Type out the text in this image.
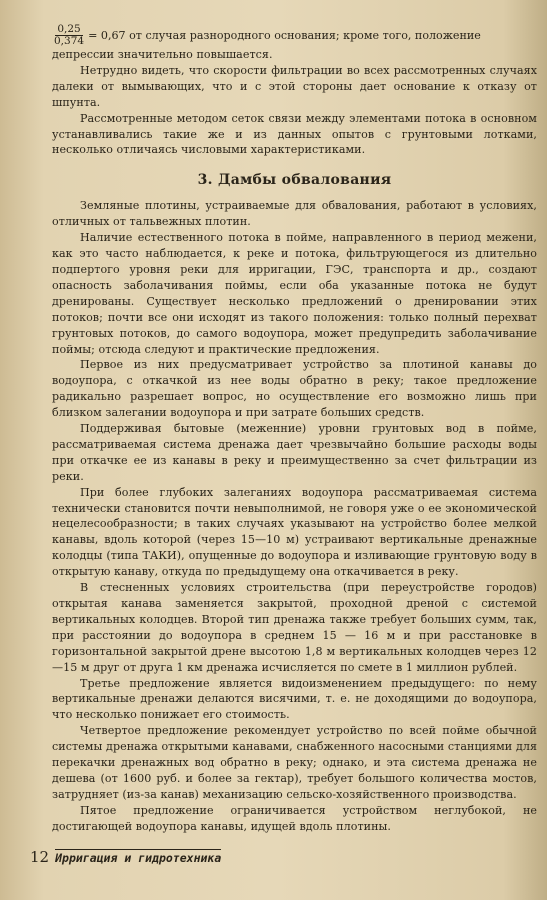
$\frac{0,25}{0,374} = 0,67$ от случая разнородного основания; кроме того, положение

депрессии значительно повышается.

Нетрудно видеть, что скорости фильтрации во всех рассмотренных случаях далеки от вымывающих, что и с этой стороны дает основание к отказу от шпунта.

Рассмотренные методом сеток связи между элементами потока в основном устанавливались такие же и из данных опытов с грунтовыми лотками, несколько отличаясь числовыми характеристиками.

3. Дамбы обвалования

Земляные плотины, устраиваемые для обвалования, работают в условиях, отличных от тальвежных плотин.

Наличие естественного потока в пойме, направленного в период межени, как это часто наблюдается, к реке и потока, фильтрующегося из длительно подпертого уровня реки для ирригации, ГЭС, транспорта и др., создают опасность заболачивания поймы, если оба указанные потока не будут дренированы. Существует несколько предложений о дренировании этих потоков; почти все они исходят из такого положения: только полный перехват грунтовых потоков, до самого водоупора, может предупредить заболачивание поймы; отсюда следуют и практические предложения.

Первое из них предусматривает устройство за плотиной канавы до водоупора, с откачкой из нее воды обратно в реку; такое предложение радикально разрешает вопрос, но осуществление его возможно лишь при близком залегании водоупора и при затрате больших средств.

Поддерживая бытовые (меженние) уровни грунтовых вод в пойме, рассматриваемая система дренажа дает чрезвычайно большие расходы воды при откачке ее из канавы в реку и преимущественно за счет фильтрации из реки.

При более глубоких залеганиях водоупора рассматриваемая система технически становится почти невыполнимой, не говоря уже о ее экономической нецелесообразности; в таких случаях указывают на устройство более мелкой канавы, вдоль которой (через 15—10 м) устраивают вертикальные дренажные колодцы (типа ТАКИ), опущенные до водоупора и изливающие грунтовую воду в открытую канаву, откуда по предыдущему она откачивается в реку.

В стесненных условиях строительства (при переустройстве городов) открытая канава заменяется закрытой, проходной дреной с системой вертикальных колодцев. Второй тип дренажа также требует больших сумм, так, при расстоянии до водоупора в среднем 15 — 16 м и при расстановке в горизонтальной закрытой дрене высотою 1,8 м вертикальных колодцев через 12—15 м друг от друга 1 км дренажа исчисляется по смете в 1 миллион рублей.

Третье предложение является видоизменением предыдущего: по нему вертикальные дренажи делаются висячими, т. е. не доходящими до водоупора, что несколько понижает его стоимость.

Четвертое предложение рекомендует устройство по всей пойме обычной системы дренажа открытыми канавами, снабженного насосными станциями для перекачки дренажных вод обратно в реку; однако, и эта система дренажа не дешева (от 1600 руб. и более за гектар), требует большого количества мостов, затрудняет (из-за канав) механизацию сельско-хозяйственного производства.

Пятое предложение ограничивается устройством неглубокой, не достигающей водоупора канавы, идущей вдоль плотины.

12 Ирригация и гидротехника
